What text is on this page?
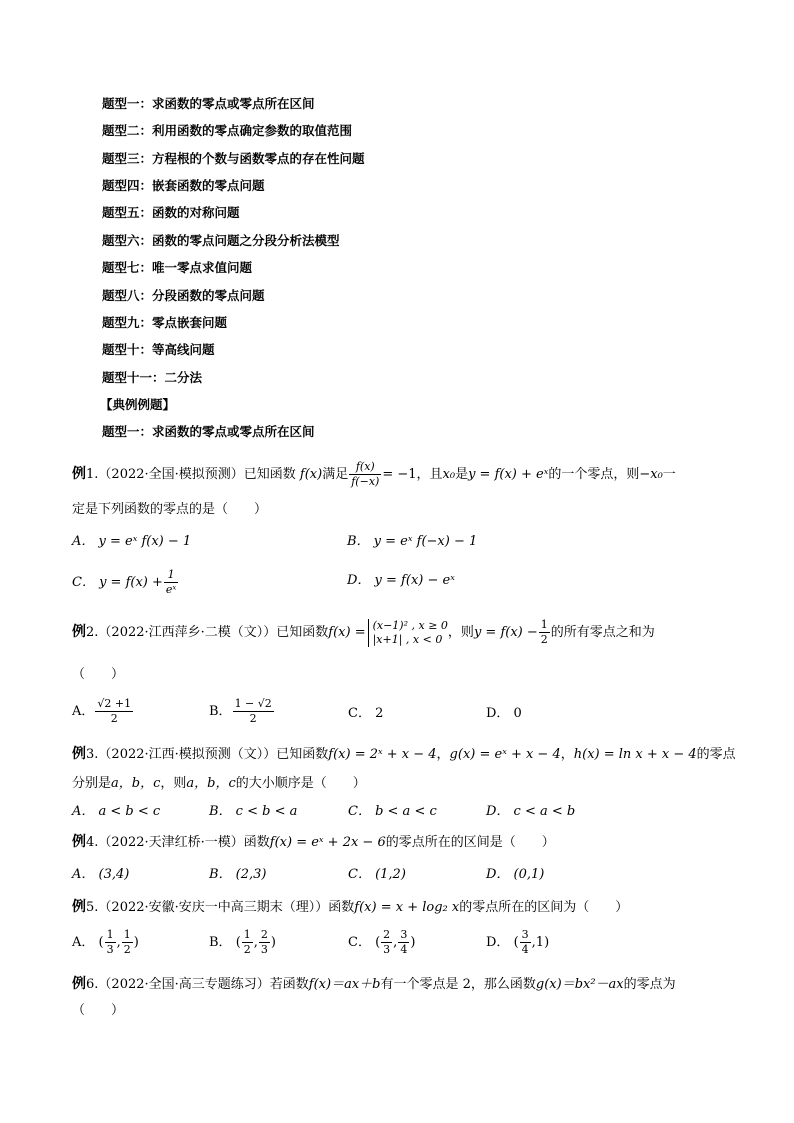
题型一：求函数的零点或零点所在区间
题型二：利用函数的零点确定参数的取值范围
题型三：方程根的个数与函数零点的存在性问题
题型四：嵌套函数的零点问题
题型五：函数的对称问题
题型六：函数的零点问题之分段分析法模型
题型七：唯一零点求值问题
题型八：分段函数的零点问题
题型九：零点嵌套问题
题型十：等高线问题
题型十一：二分法
【典例例题】
题型一：求函数的零点或零点所在区间
例1.（2022·全国·模拟预测）已知函数 f(x)满足 $\frac{f(x)}{f(-x)} = -1$，且x₀是y = f(x) + eˣ的一个零点，则−x₀一
定是下列函数的零点的是（　　）
A． y = eˣ f(x) − 1	B． y = eˣ f(−x) − 1
C． $y = f(x) + \frac{1}{\text{eˣ}}$	D． y = f(x) − eˣ
例2.（2022·江西萍乡·二模（文））已知函数f(x) = (x−1)² , x ≥ 0
|x+1| , x < 0 ，则$y = f(x) - \frac{1}{2}$ 的所有零点之和为
（　　）
A． $\frac{√2 +1}{2}$	B． $\frac{1 - √2}{2}$	C． 2	D． 0
例3.（2022·江西·模拟预测（文））已知函数f(x) = 2ˣ + x − 4，g(x) = eˣ + x − 4，h(x) = ln x + x − 4的零点
分别是a，b，c，则a，b，c的大小顺序是（　　）
A． a < b < c	B． c < b < a	C． b < a < c	D． c < a < b
例4.（2022·天津红桥·一模）函数f(x) = eˣ + 2x − 6的零点所在的区间是（　　）
A． (3,4)	B． (2,3)	C． (1,2)	D． (0,1)
例5.（2022·安徽·安庆一中高三期末（理））函数f(x) = x + log₂ x的零点所在的区间为（　　）
A． ( $\frac{1}{3}$ , $\frac{1}{2}$ )	B． ( $\frac{1}{2}$ , $\frac{2}{3}$ )	C． ( $\frac{2}{3}$ , $\frac{3}{4}$ )	D． ( $\frac{3}{4} ,1$)
例6.（2022·全国·高三专题练习）若函数f(x)＝ax＋b有一个零点是 2，那么函数g(x)＝bx²－ax的零点为
（　　）
